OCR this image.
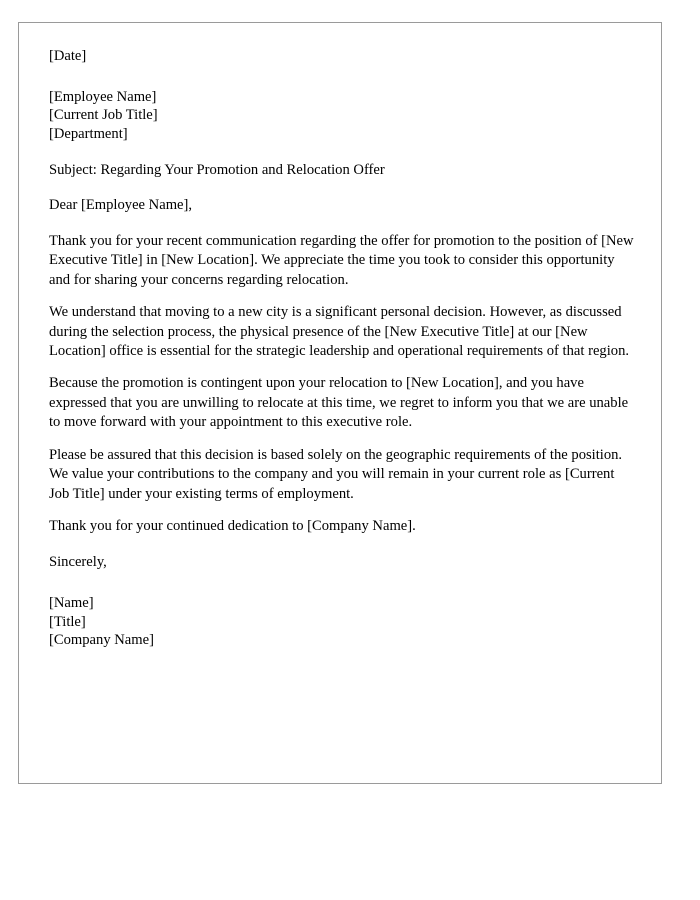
[Date]
[Employee Name]
[Current Job Title]
[Department]
Subject: Regarding Your Promotion and Relocation Offer
Dear [Employee Name],

Thank you for your recent communication regarding the offer for promotion to the position of [New Executive Title] in [New Location]. We appreciate the time you took to consider this opportunity and for sharing your concerns regarding relocation.

We understand that moving to a new city is a significant personal decision. However, as discussed during the selection process, the physical presence of the [New Executive Title] at our [New Location] office is essential for the strategic leadership and operational requirements of that region.

Because the promotion is contingent upon your relocation to [New Location], and you have expressed that you are unwilling to relocate at this time, we regret to inform you that we are unable to move forward with your appointment to this executive role.

Please be assured that this decision is based solely on the geographic requirements of the position. We value your contributions to the company and you will remain in your current role as [Current Job Title] under your existing terms of employment.

Thank you for your continued dedication to [Company Name].

Sincerely,
[Name]
[Title]
[Company Name]
